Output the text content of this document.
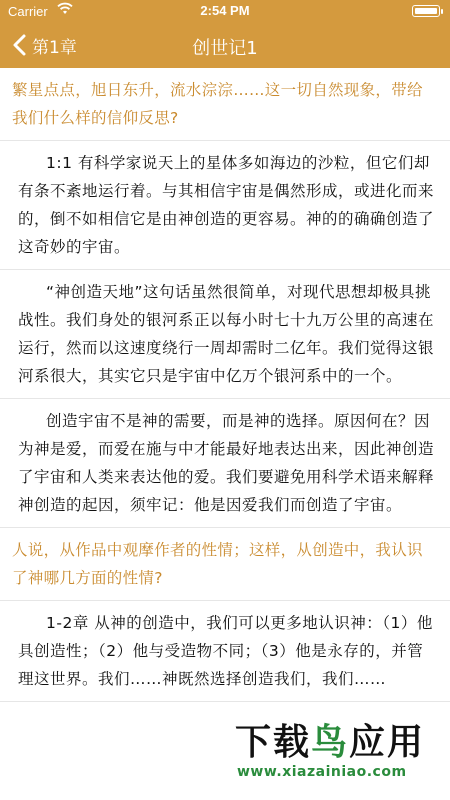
Carrier	2:54 PM
第1章	创世记1
繁星点点，旭日东升，流水淙淙……这一切自然现象，带给我们什么样的信仰反思?
1:1 有科学家说天上的星体多如海边的沙粒，但它们却有条不紊地运行着。与其相信宇宙是偶然形成，或进化而来的，倒不如相信它是由神创造的更容易。神的的确确创造了这奇妙的宇宙。
“神创造天地”这句话虽然很简单，对现代思想却极具挑战性。我们身处的银河系正以每小时七十九万公里的高速在运行，然而以这速度绕行一周却需时二亿年。我们觉得这银河系很大，其实它只是宇宙中亿万个银河系中的一个。
创造宇宙不是神的需要，而是神的选择。原因何在？因为神是爱，而爱在施与中才能最好地表达出来，因此神创造了宇宙和人类来表达他的爱。我们要避免用科学术语来解释神创造的起因，须牢记：他是因爱我们而创造了宇宙。
人说，从作品中观摩作者的性情；这样，从创造中，我认识了神哪几方面的性情?
1-2章 从神的创造中，我们可以更多地认识神：（1）他具创造性；（2）他与受造物不同；（3）他是永存的，并管理这世界。我们……神既然选择创造我们，我们……
下载鸟应用
www.xiazainiao.com
